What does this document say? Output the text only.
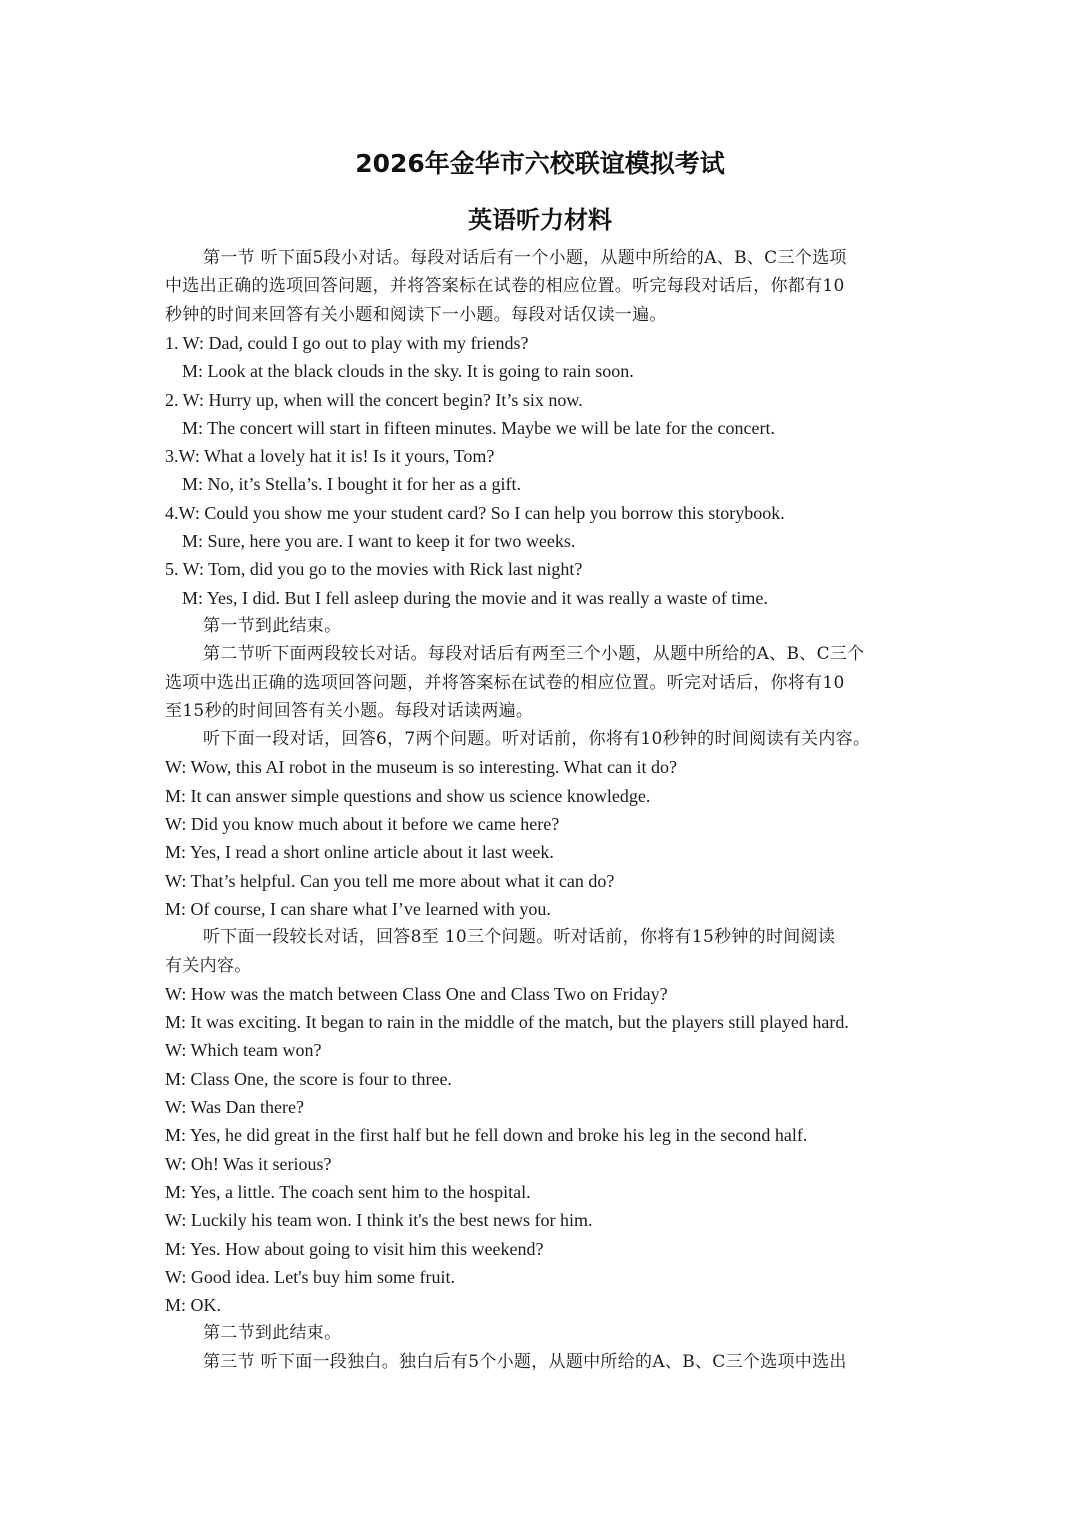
2026年金华市六校联谊模拟考试
英语听力材料
第一节 听下面5段小对话。每段对话后有一个小题，从题中所给的A、B、C三个选项
中选出正确的选项回答问题，并将答案标在试卷的相应位置。听完每段对话后，你都有10
秒钟的时间来回答有关小题和阅读下一小题。每段对话仅读一遍。
1. W: Dad, could I go out to play with my friends?
M: Look at the black clouds in the sky. It is going to rain soon.
2. W: Hurry up, when will the concert begin? It’s six now.
M: The concert will start in fifteen minutes. Maybe we will be late for the concert.
3.W: What a lovely hat it is! Is it yours, Tom?
M: No, it’s Stella’s. I bought it for her as a gift.
4.W: Could you show me your student card? So I can help you borrow this storybook.
M: Sure, here you are. I want to keep it for two weeks.
5. W: Tom, did you go to the movies with Rick last night?
M: Yes, I did. But I fell asleep during the movie and it was really a waste of time.
第一节到此结束。
第二节听下面两段较长对话。每段对话后有两至三个小题，从题中所给的A、B、C三个
选项中选出正确的选项回答问题，并将答案标在试卷的相应位置。听完对话后，你将有10
至15秒的时间回答有关小题。每段对话读两遍。
听下面一段对话，回答6，7两个问题。听对话前，你将有10秒钟的时间阅读有关内容。
W: Wow, this AI robot in the museum is so interesting. What can it do?
M: It can answer simple questions and show us science knowledge.
W: Did you know much about it before we came here?
M: Yes, I read a short online article about it last week.
W: That’s helpful. Can you tell me more about what it can do?
M: Of course, I can share what I’ve learned with you.
听下面一段较长对话，回答8至 10三个问题。听对话前，你将有15秒钟的时间阅读
有关内容。
W: How was the match between Class One and Class Two on Friday?
M: It was exciting. It began to rain in the middle of the match, but the players still played hard.
W: Which team won?
M: Class One, the score is four to three.
W: Was Dan there?
M: Yes, he did great in the first half but he fell down and broke his leg in the second half.
W: Oh! Was it serious?
M: Yes, a little. The coach sent him to the hospital.
W: Luckily his team won. I think it's the best news for him.
M: Yes. How about going to visit him this weekend?
W: Good idea. Let's buy him some fruit.
M: OK.
第二节到此结束。
第三节 听下面一段独白。独白后有5个小题，从题中所给的A、B、C三个选项中选出
